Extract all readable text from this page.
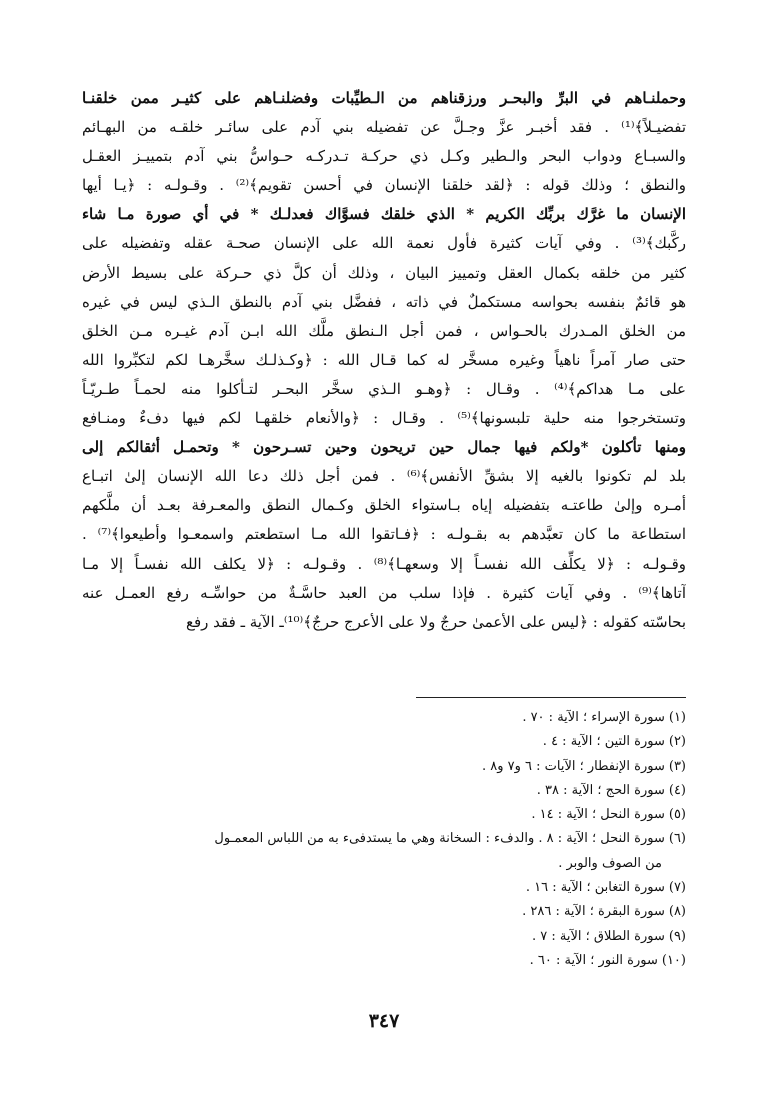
وحملنـاهم في البرِّ والبحـر ورزقناهم من الـطيِّبات وفضلنـاهم على كثيـر ممن خلقنـا
تفضيـلاً﴾⁽¹⁾ . فقد أخبـر عزَّ وجـلَّ عن تفضيله بني آدم على سائـر خلقـه من البهـائم
والسبـاع ودواب البحر والـطير وكـل ذي حركـة تـدركـه حـواسُّ بني آدم بتمييـز العقـل
والنطق ؛ وذلك قوله : ﴿لقد خلقنا الإنسان في أحسن تقويم﴾⁽²⁾ . وقـولـه : ﴿يـا أيها
الإنسان ما غرَّك بربِّك الكريم * الذي خلقك فسوَّاك فعدلـك * في أي صورة مـا شاء
ركَّبك﴾⁽³⁾ . وفي آيات كثيرة فأول نعمة الله على الإنسان صحـة عقله وتفضيله على
كثير من خلقه بكمال العقل وتمييز البيان ، وذلك أن كلَّ ذي حـركة على بسيط الأرض
هو قائمٌ بنفسه بحواسه مستكملٌ في ذاته ، ففضَّل بني آدم بالنطق الـذي ليس في غيره
من الخلق المـدرك بالحـواس ، فمن أجل الـنطق ملَّك الله ابـن آدم غيـره مـن الخلق
حتى صار آمراً ناهياً وغيره مسخَّر له كما قـال الله : ﴿وكـذلـك سخَّرهـا لكم لتكبِّروا الله
على مـا هداكم﴾⁽⁴⁾ . وقـال : ﴿وهـو الـذي سخَّر البحـر لتـأكلوا منه لحمـاً طـريّـاً
وتستخرجوا منه حلية تلبسونها﴾⁽⁵⁾ . وقـال : ﴿والأنعام خلقهـا لكم فيها دفءٌ ومنـافع
ومنها تأكلون *ولكم فيها جمال حين تريحون وحين تسـرحون * وتحمـل أثقالكم إلى
بلد لم تكونوا بالغيه إلا بشقِّ الأنفس﴾⁽⁶⁾ . فمن أجل ذلك دعا الله الإنسان إلىٰ اتبـاع
أمـره وإلىٰ طاعتـه بتفضيله إياه بـاستواء الخلق وكـمال النطق والمعـرفة بعـد أن ملَّكهم
استطاعة ما كان تعبَّدهم به بقـولـه : ﴿فـاتقوا الله مـا استطعتم واسمعـوا وأطيعوا﴾⁽⁷⁾ .
وقـولـه : ﴿لا يكلِّف الله نفسـاً إلا وسعهـا﴾⁽⁸⁾ . وقـولـه : ﴿لا يكلف الله نفسـاً إلا مـا
آتاها﴾⁽⁹⁾ . وفي آيات كثيرة . فإذا سلب من العبد حاسَّـةٌ من حواسِّـه رفع العمـل عنه
بحاسّته كقوله : ﴿ليس على الأعمىٰ حرجٌ ولا على الأعرج حرجٌ﴾⁽¹⁰⁾ـ الآية ـ فقد رفع
(١)سورة الإسراء ؛ الآية : ٧٠ .
(٢)سورة التين ؛ الآية : ٤ .
(٣)سورة الإنفطار ؛ الآيات : ٦ و٧ و٨ .
(٤)سورة الحج ؛ الآية : ٣٨ .
(٥)سورة النحل ؛ الآية : ١٤ .
(٦)سورة النحل ؛ الآية : ٨ . والدفء : السخانة وهي ما يستدفىء به من اللباس المعمـول
من الصوف والوبر .
(٧)سورة التغابن ؛ الآية : ١٦ .
(٨)سورة البقرة ؛ الآية : ٢٨٦ .
(٩)سورة الطلاق ؛ الآية : ٧ .
(١٠)سورة النور ؛ الآية : ٦٠ .
٣٤٧
